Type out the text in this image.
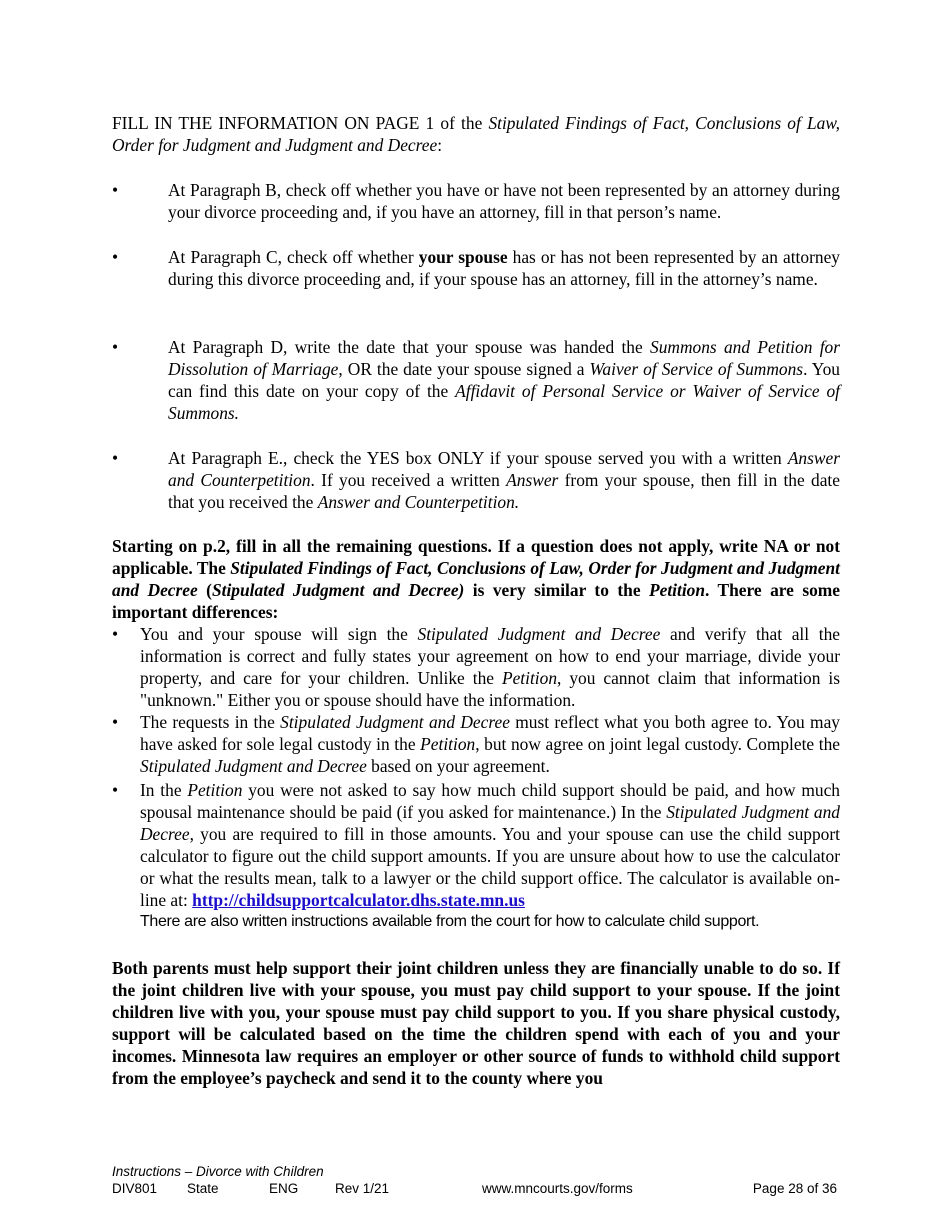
FILL IN THE INFORMATION ON PAGE 1 of the Stipulated Findings of Fact, Conclusions of Law, Order for Judgment and Judgment and Decree:
•	At Paragraph B, check off whether you have or have not been represented by an attorney during your divorce proceeding and, if you have an attorney, fill in that person’s name.
•	At Paragraph C, check off whether your spouse has or has not been represented by an attorney during this divorce proceeding and, if your spouse has an attorney, fill in the attorney’s name.
•	At Paragraph D, write the date that your spouse was handed the Summons and Petition for Dissolution of Marriage, OR the date your spouse signed a Waiver of Service of Summons. You can find this date on your copy of the Affidavit of Personal Service or Waiver of Service of Summons.
•	At Paragraph E., check the YES box ONLY if your spouse served you with a written Answer and Counterpetition. If you received a written Answer from your spouse, then fill in the date that you received the Answer and Counterpetition.
Starting on p.2, fill in all the remaining questions. If a question does not apply, write NA or not applicable. The Stipulated Findings of Fact, Conclusions of Law, Order for Judgment and Judgment and Decree (Stipulated Judgment and Decree) is very similar to the Petition. There are some important differences:
•	You and your spouse will sign the Stipulated Judgment and Decree and verify that all the information is correct and fully states your agreement on how to end your marriage, divide your property, and care for your children. Unlike the Petition, you cannot claim that information is "unknown." Either you or spouse should have the information.
•	The requests in the Stipulated Judgment and Decree must reflect what you both agree to. You may have asked for sole legal custody in the Petition, but now agree on joint legal custody. Complete the Stipulated Judgment and Decree based on your agreement.
•	In the Petition you were not asked to say how much child support should be paid, and how much spousal maintenance should be paid (if you asked for maintenance.) In the Stipulated Judgment and Decree, you are required to fill in those amounts. You and your spouse can use the child support calculator to figure out the child support amounts. If you are unsure about how to use the calculator or what the results mean, talk to a lawyer or the child support office. The calculator is available on-line at: http://childsupportcalculator.dhs.state.mn.us
There are also written instructions available from the court for how to calculate child support.
Both parents must help support their joint children unless they are financially unable to do so. If the joint children live with your spouse, you must pay child support to your spouse. If the joint children live with you, your spouse must pay child support to you. If you share physical custody, support will be calculated based on the time the children spend with each of you and your incomes. Minnesota law requires an employer or other source of funds to withhold child support from the employee’s paycheck and send it to the county where you
Instructions – Divorce with Children
DIV801 State	ENG	Rev 1/21	www.mncourts.gov/forms	Page 28 of 36
